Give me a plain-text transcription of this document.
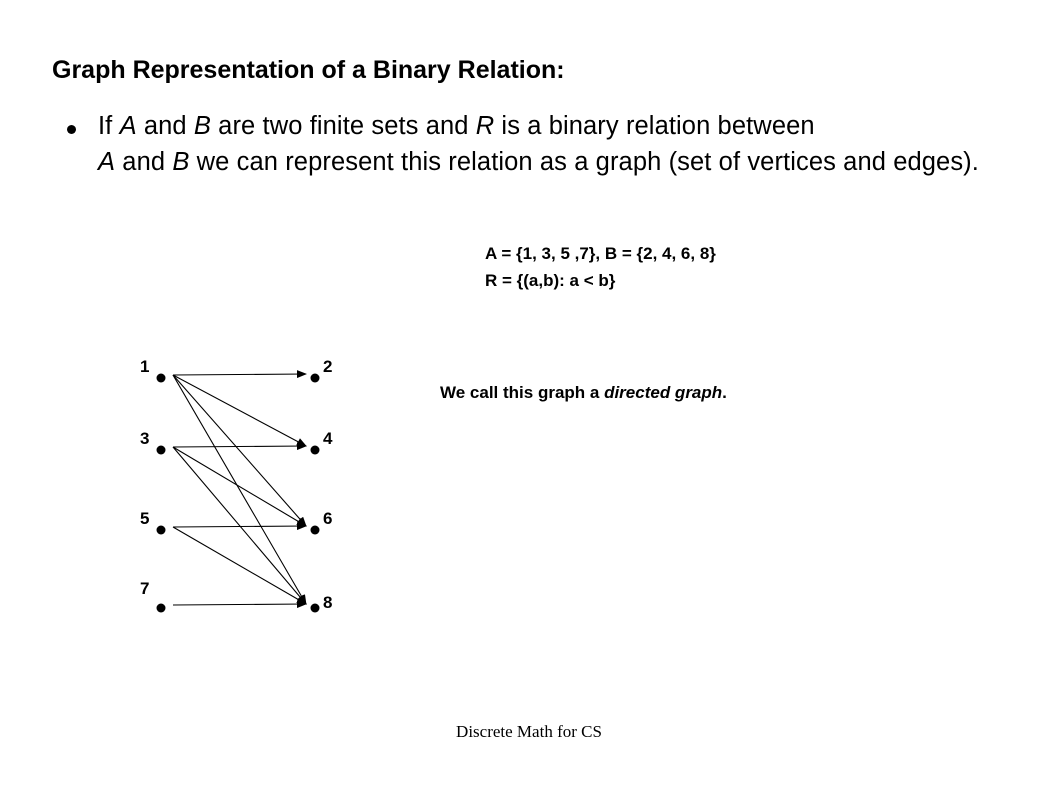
Graph Representation of a Binary Relation:
If A and B are two finite sets and R is a binary relation between
A and B we can represent this relation as a graph (set of vertices and edges).
A = {1, 3, 5 ,7}, B = {2, 4, 6, 8}
R = {(a,b): a < b}
1
3
5
7
2
4
6
8
We call this graph a directed graph.
Discrete Math for CS
